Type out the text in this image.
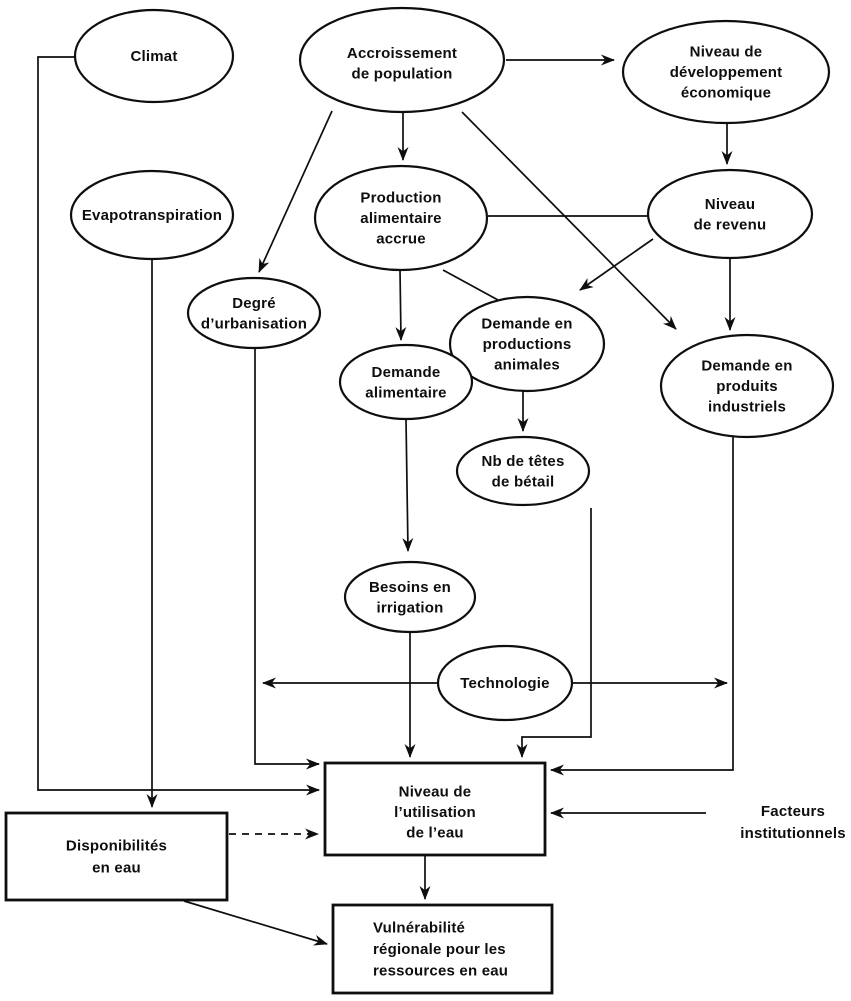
Climat	Accroissement
de population
Niveau de
développement
économique
Evapotranspiration
Production
alimentaire
accrue
Niveau
de revenu
Degré
d’urbanisation	Demande en
productions
animales
Demande
alimentaire
Demande en
produits
industriels
Nb de têtes
de bétail
Besoins en
irrigation
Technologie
Niveau de
l’utilisation
de l’eau
Disponibilités
en eau
Vulnérabilité
régionale pour les
ressources en eau
Facteurs
institutionnels
